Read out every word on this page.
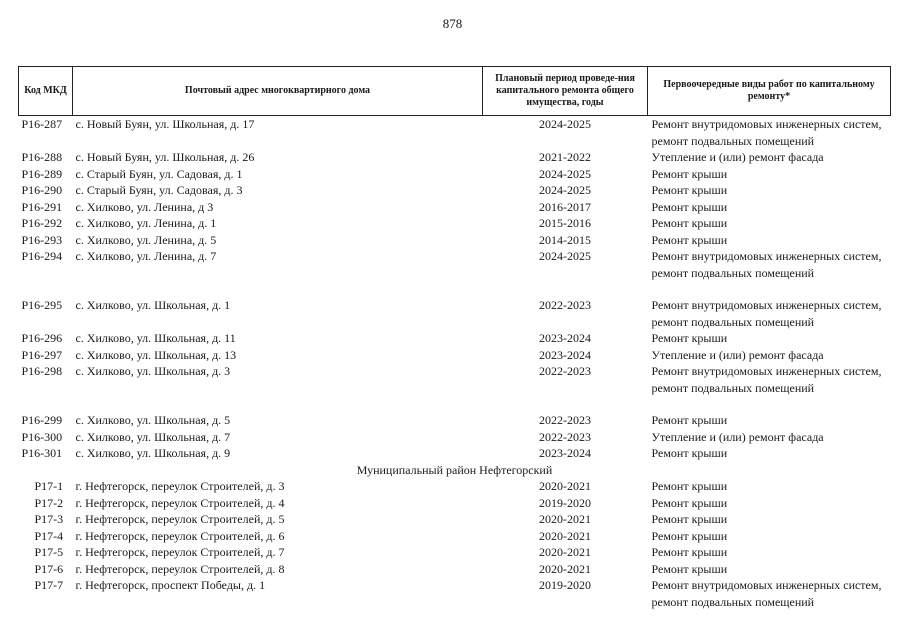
878
Код МКД	Почтовый адрес многоквартирного дома	Плановый период проведе-ния капитального ремонта общего имущества, годы	Первоочередные виды работ по капитальному ремонту*
Р16-287	с. Новый Буян, ул. Школьная, д. 17	2024-2025	Ремонт внутридомовых инженерных систем,
ремонт подвальных помещений

Р16-288	с. Новый Буян, ул. Школьная, д. 26	2021-2022	Утепление и (или) ремонт фасада

Р16-289	с. Старый Буян, ул. Садовая, д. 1	2024-2025	Ремонт крыши

Р16-290	с. Старый Буян, ул. Садовая, д. 3	2024-2025	Ремонт крыши

Р16-291	с. Хилково, ул. Ленина, д 3	2016-2017	Ремонт крыши

Р16-292	с. Хилково, ул. Ленина, д. 1	2015-2016	Ремонт крыши

Р16-293	с. Хилково, ул. Ленина, д. 5	2014-2015	Ремонт крыши

Р16-294	с. Хилково, ул. Ленина, д. 7	2024-2025	Ремонт внутридомовых инженерных систем,
ремонт подвальных помещений

Р16-295	с. Хилково, ул. Школьная, д. 1	2022-2023	Ремонт внутридомовых инженерных систем,
ремонт подвальных помещений

Р16-296	с. Хилково, ул. Школьная, д. 11	2023-2024	Ремонт крыши

Р16-297	с. Хилково, ул. Школьная, д. 13	2023-2024	Утепление и (или) ремонт фасада

Р16-298	с. Хилково, ул. Школьная, д. 3	2022-2023	Ремонт внутридомовых инженерных систем,
ремонт подвальных помещений

Р16-299	с. Хилково, ул. Школьная, д. 5	2022-2023	Ремонт крыши

Р16-300	с. Хилково, ул. Школьная, д. 7	2022-2023	Утепление и (или) ремонт фасада

Р16-301	с. Хилково, ул. Школьная, д. 9	2023-2024	Ремонт крыши

Муниципальный район Нефтегорский			
Р17-1	г. Нефтегорск, переулок Строителей, д. 3	2020-2021	Ремонт крыши

Р17-2	г. Нефтегорск, переулок Строителей, д. 4	2019-2020	Ремонт крыши

Р17-3	г. Нефтегорск, переулок Строителей, д. 5	2020-2021	Ремонт крыши

Р17-4	г. Нефтегорск, переулок Строителей, д. 6	2020-2021	Ремонт крыши

Р17-5	г. Нефтегорск, переулок Строителей, д. 7	2020-2021	Ремонт крыши

Р17-6	г. Нефтегорск, переулок Строителей, д. 8	2020-2021	Ремонт крыши

Р17-7	г. Нефтегорск, проспект Победы, д. 1	2019-2020	Ремонт внутридомовых инженерных систем,
ремонт подвальных помещений
